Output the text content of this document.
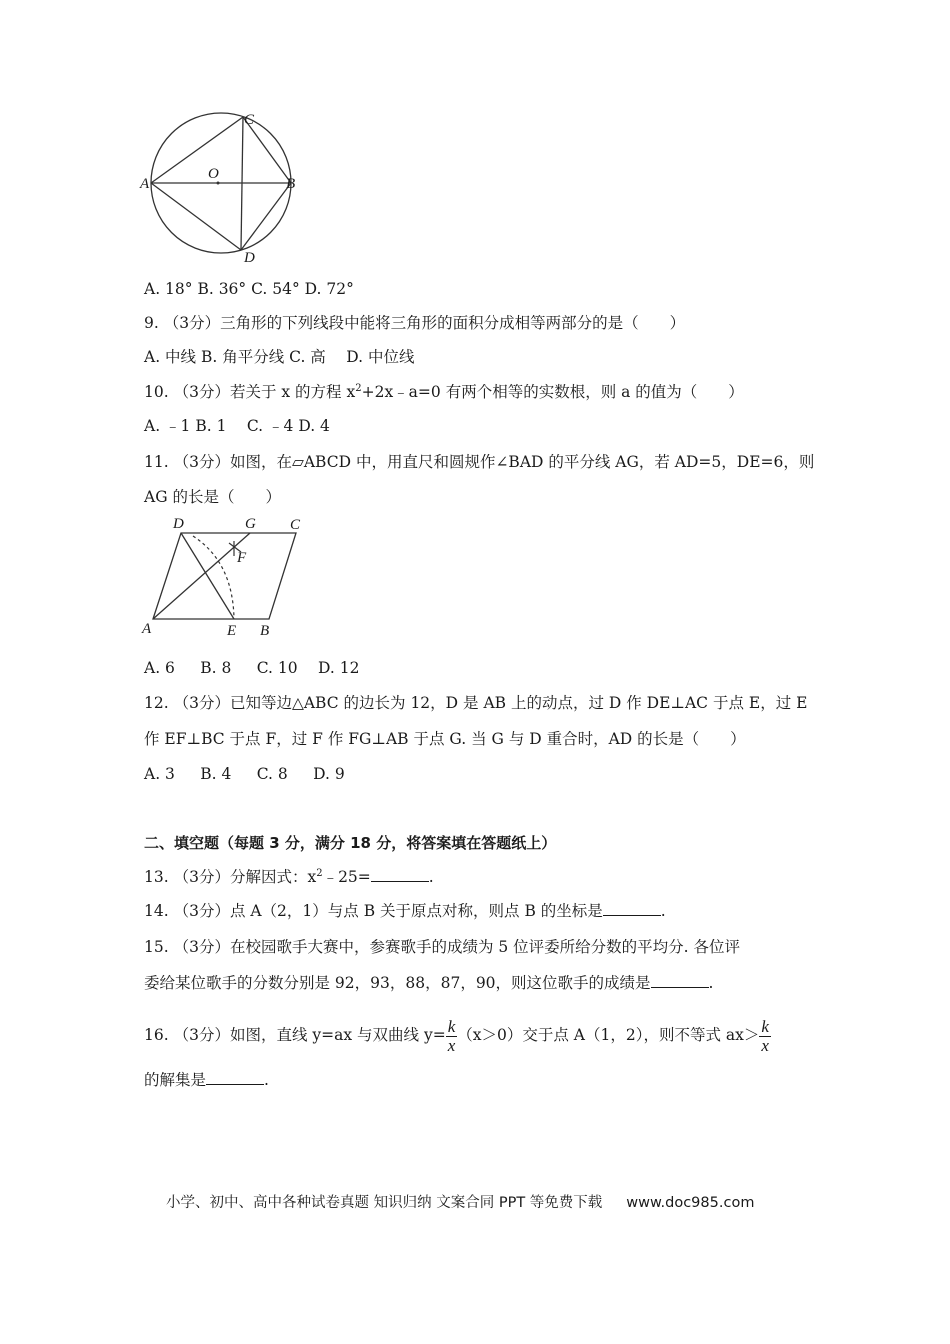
C
A
O
B
D
A. 18° B. 36° C. 54° D. 72°
9. （3分）三角形的下列线段中能将三角形的面积分成相等两部分的是（　　）
A. 中线 B. 角平分线 C. 高 　D. 中位线
10. （3分）若关于 x 的方程 $x^2+2x﹣a=0$ 有两个相等的实数根，则 a 的值为（　　）
A. ﹣1 B. 1 　C. ﹣4 D. 4
11. （3分）如图，在▱ABCD 中，用直尺和圆规作∠BAD 的平分线 AG，若 AD=5，DE=6，则
AG 的长是（　　）
D	G C
F
A	E B
A. 6 　 B. 8 　 C. 10 　D. 12
12. （3分）已知等边△ABC 的边长为 12，D 是 AB 上的动点，过 D 作 DE⊥AC 于点 E，过 E
作 EF⊥BC 于点 F，过 F 作 FG⊥AB 于点 G. 当 G 与 D 重合时，AD 的长是（　　）
A. 3 　 B. 4 　 C. 8 　 D. 9
二、填空题（每题 3 分，满分 18 分，将答案填在答题纸上）
13. （3分）分解因式：$x^2﹣25=$	.
14. （3分）点 A（2，1）与点 B 关于原点对称，则点 B 的坐标是	.
15. （3分）在校园歌手大赛中，参赛歌手的成绩为 5 位评委所给分数的平均分. 各位评
委给某位歌手的分数分别是 92，93，88，87，90，则这位歌手的成绩是	.
16. （3分）如图，直线 y=ax 与双曲线 $y= \frac{k}{x} (x>0)$交于点 A（1，2），则不等式 $ax> \frac{k}{x}$
的解集是	.
小学、初中、高中各种试卷真题 知识归纳 文案合同 PPT 等免费下载 www.doc985.com
